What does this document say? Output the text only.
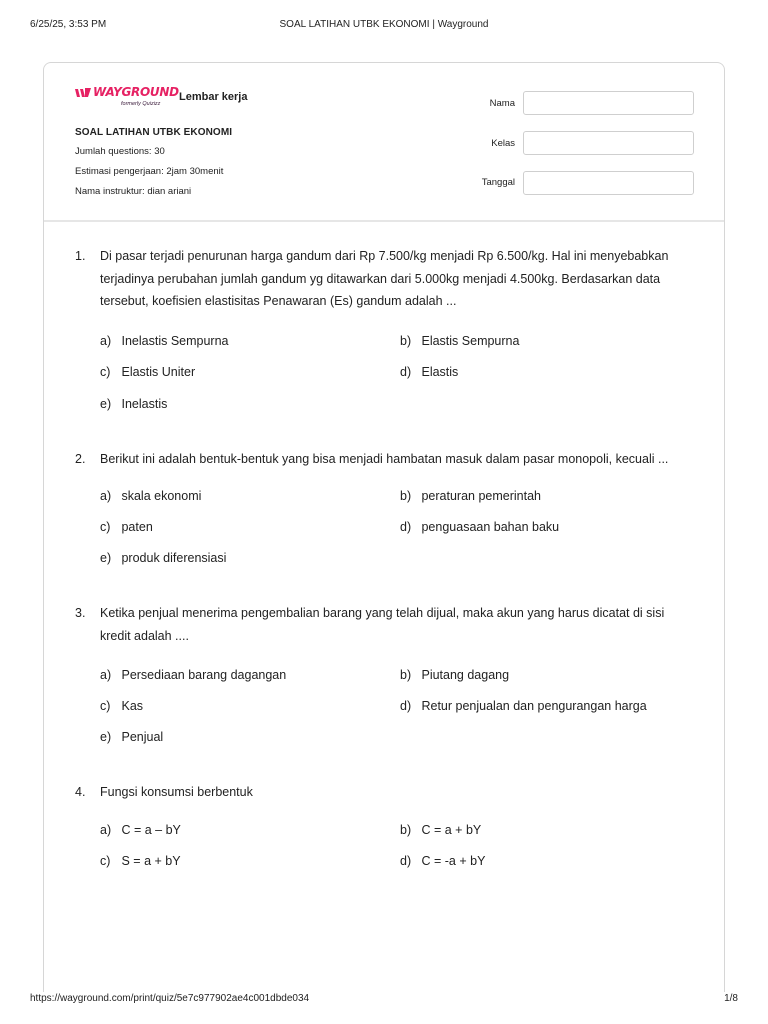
6/25/25, 3:53 PM	SOAL LATIHAN UTBK EKONOMI | Wayground
WAYGROUND
formerly Quizizz
Lembar kerja
SOAL LATIHAN UTBK EKONOMI
Jumlah questions: 30
Estimasi pengerjaan: 2jam 30menit
Nama instruktur: dian ariani
Nama
Kelas
Tanggal
1.	Di pasar terjadi penurunan harga gandum dari Rp 7.500/kg menjadi Rp 6.500/kg. Hal ini menyebabkan terjadinya perubahan jumlah gandum yg ditawarkan dari 5.000kg menjadi 4.500kg. Berdasarkan data tersebut, koefisien elastisitas Penawaran (Es) gandum adalah ...
a) Inelastis Sempurna	b) Elastis Sempurna
c) Elastis Uniter	d) Elastis
e) Inelastis
2.	Berikut ini adalah bentuk-bentuk yang bisa menjadi hambatan masuk dalam pasar monopoli, kecuali ...
a) skala ekonomi	b) peraturan pemerintah
c) paten	d) penguasaan bahan baku
e) produk diferensiasi
3.	Ketika penjual menerima pengembalian barang yang telah dijual, maka akun yang harus dicatat di sisi kredit adalah ....
a) Persediaan barang dagangan	b) Piutang dagang
c) Kas	d) Retur penjualan dan pengurangan harga
e) Penjual
4.	Fungsi konsumsi berbentuk
a) C = a – bY	b) C = a + bY
c) S = a + bY	d) C = -a + bY
https://wayground.com/print/quiz/5e7c977902ae4c001dbde034	1/8
